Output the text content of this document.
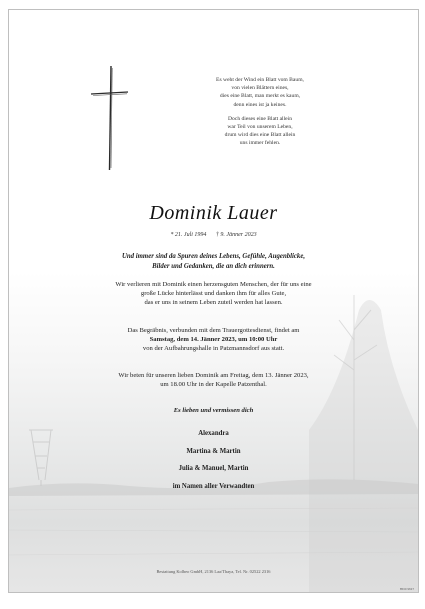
Es weht der Wind ein Blatt vom Baum,

von vielen Blättern eines,

dies eine Blatt, man merkt es kaum,

denn eines ist ja keines.

Doch dieses eine Blatt allein

war Teil von unserem Leben,

drum wird dies eine Blatt allein

uns immer fehlen.

Dominik Lauer
* 21. Juli 1994 † 9. Jänner 2023

Und immer sind da Spuren deines Lebens, Gefühle, Augenblicke,

Bilder und Gedanken, die an dich erinnern.

Wir verlieren mit Dominik einen herzensguten Menschen, der für uns eine

große Lücke hinterlässt und danken ihm für alles Gute,

das er uns in seinem Leben zuteil werden hat lassen.

Das Begräbnis, verbunden mit dem Trauergottesdienst, findet am

Samstag, dem 14. Jänner 2023, um 10:00 Uhr

von der Aufbahrungshalle in Patzmannsdorf aus statt.

Wir beten für unseren lieben Dominik am Freitag, dem 13. Jänner 2023,

um 18.00 Uhr in der Kapelle Patzenthal.

Es lieben und vermissen dich
Alexandra
Martina & Martin
Julia & Manuel, Martin
im Namen aller Verwandten
Bestattung Kolbeo GmbH, 2136 Laa/Thaya, Tel. Nr. 02522 2316
8530 9637
